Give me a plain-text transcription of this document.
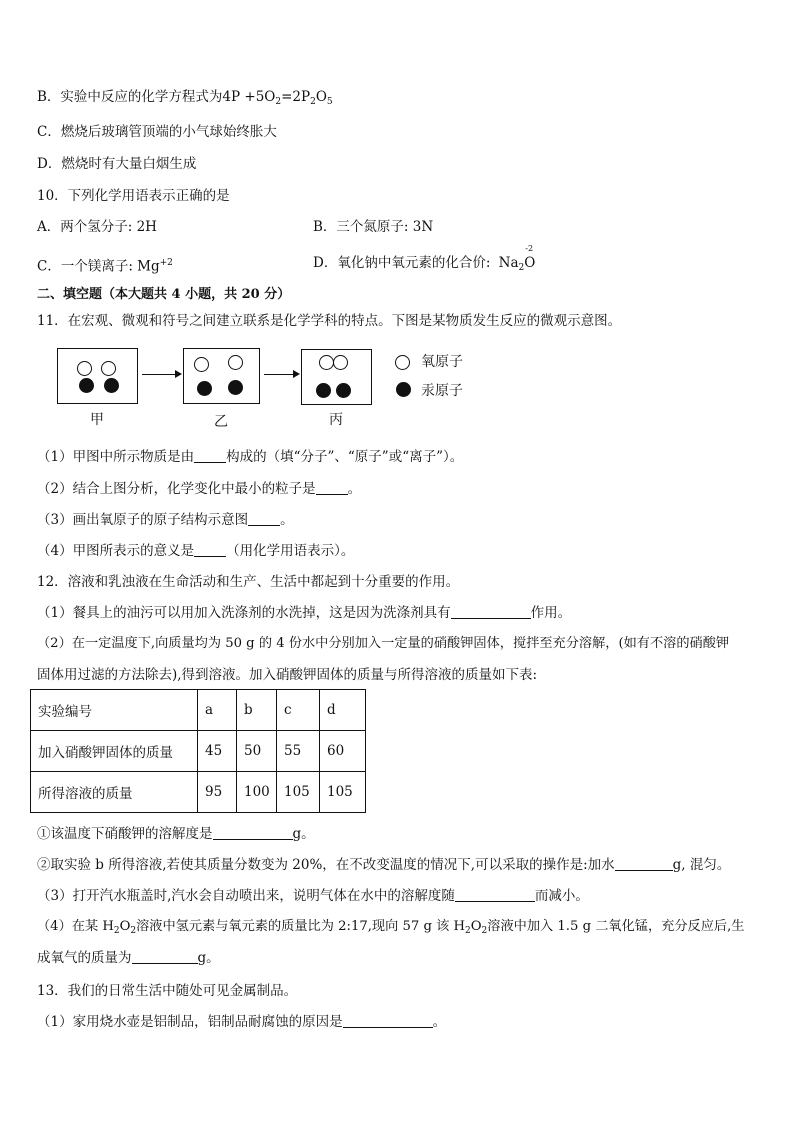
B．实验中反应的化学方程式为$4P +5O_2=2P_2O_5$
C．燃烧后玻璃管顶端的小气球始终胀大
D．燃烧时有大量白烟生成
10．下列化学用语表示正确的是
A．两个氢分子: 2H	B．三个氮原子: 3N
C．一个镁离子: $Mg^{+2}$	D．氧化钠中氧元素的化合价: $Na_2$
-2
O
二、填空题（本大题共 4 小题，共 20 分）
11．在宏观、微观和符号之间建立联系是化学学科的特点。下图是某物质发生反应的微观示意图。
甲	乙	丙
氧原子
汞原子
（1）甲图中所示物质是由 构成的（填“分子”、“原子”或“离子”）。
（2）结合上图分析，化学变化中最小的粒子是 。
（3）画出氧原子的原子结构示意图 。
（4）甲图所表示的意义是 （用化学用语表示）。
12．溶液和乳浊液在生命活动和生产、生活中都起到十分重要的作用。
（1）餐具上的油污可以用加入洗涤剂的水洗掉，这是因为洗涤剂具有	作用。
（2）在一定温度下,向质量均为 50 g 的 4 份水中分别加入一定量的硝酸钾固体，搅拌至充分溶解，(如有不溶的硝酸钾
固体用过滤的方法除去),得到溶液。加入硝酸钾固体的质量与所得溶液的质量如下表:
实验编号	a	b	c	d
加入硝酸钾固体的质量	45	50	55	60
所得溶液的质量	95	100	105	105
①该温度下硝酸钾的溶解度是	g。
②取实验 b 所得溶液,若使其质量分数变为 20%，在不改变温度的情况下,可以采取的操作是:加水	g, 混匀。
（3）打开汽水瓶盖时,汽水会自动喷出来，说明气体在水中的溶解度随	而减小。
（4）在某 $H_2O_2$溶液中氢元素与氧元素的质量比为 2:17,现向 57 g 该 $H_2O_2$溶液中加入 1.5 g 二氧化锰，充分反应后,生
成氧气的质量为	g。
13．我们的日常生活中随处可见金属制品。
（1）家用烧水壶是铝制品，铝制品耐腐蚀的原因是	。
